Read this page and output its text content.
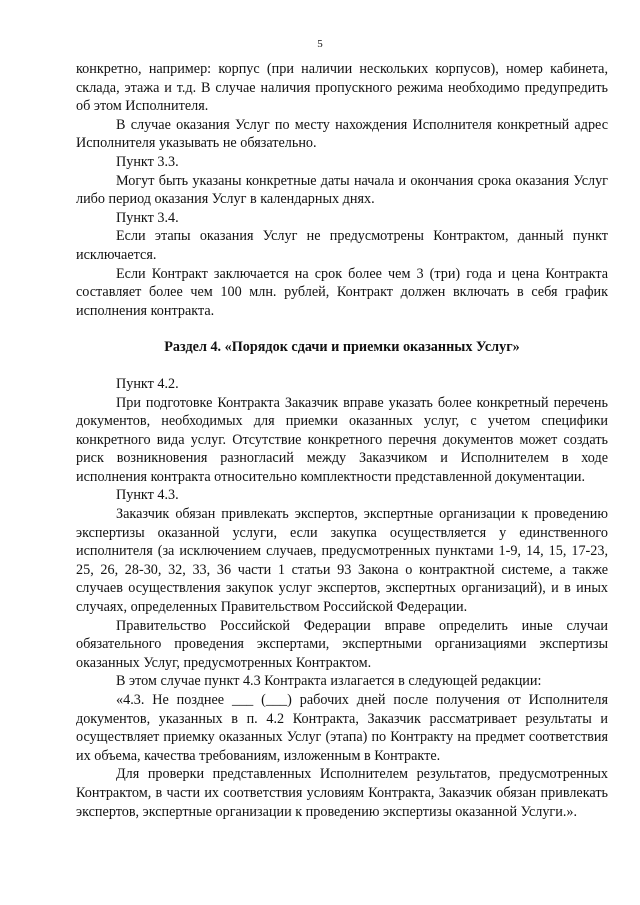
5

конкретно, например: корпус (при наличии нескольких корпусов), номер кабинета, склада, этажа и т.д. В случае наличия пропускного режима необходимо предупредить об этом Исполнителя.

В случае оказания Услуг по месту нахождения Исполнителя конкретный адрес Исполнителя указывать не обязательно.

Пункт 3.3.

Могут быть указаны конкретные даты начала и окончания срока оказания Услуг либо период оказания Услуг в календарных днях.

Пункт 3.4.

Если этапы оказания Услуг не предусмотрены Контрактом, данный пункт исключается.

Если Контракт заключается на срок более чем 3 (три) года и цена Контракта составляет более чем 100 млн. рублей, Контракт должен включать в себя график исполнения контракта.

Раздел 4. «Порядок сдачи и приемки оказанных Услуг»

Пункт 4.2.

При подготовке Контракта Заказчик вправе указать более конкретный перечень документов, необходимых для приемки оказанных услуг, с учетом специфики конкретного вида услуг. Отсутствие конкретного перечня документов может создать риск возникновения разногласий между Заказчиком и Исполнителем в ходе исполнения контракта относительно комплектности представленной документации.

Пункт 4.3.

Заказчик обязан привлекать экспертов, экспертные организации к проведению экспертизы оказанной услуги, если закупка осуществляется у единственного исполнителя (за исключением случаев, предусмотренных пунктами 1-9, 14, 15, 17-23, 25, 26, 28-30, 32, 33, 36 части 1 статьи 93 Закона о контрактной системе, а также случаев осуществления закупок услуг экспертов, экспертных организаций), и в иных случаях, определенных Правительством Российской Федерации.

Правительство Российской Федерации вправе определить иные случаи обязательного проведения экспертами, экспертными организациями экспертизы оказанных Услуг, предусмотренных Контрактом.

В этом случае пункт 4.3 Контракта излагается в следующей редакции:

«4.3. Не позднее ___ (___) рабочих дней после получения от Исполнителя документов, указанных в п. 4.2 Контракта, Заказчик рассматривает результаты и осуществляет приемку оказанных Услуг (этапа) по Контракту на предмет соответствия их объема, качества требованиям, изложенным в Контракте.

Для проверки представленных Исполнителем результатов, предусмотренных Контрактом, в части их соответствия условиям Контракта, Заказчик обязан привлекать экспертов, экспертные организации к проведению экспертизы оказанной Услуги.».
